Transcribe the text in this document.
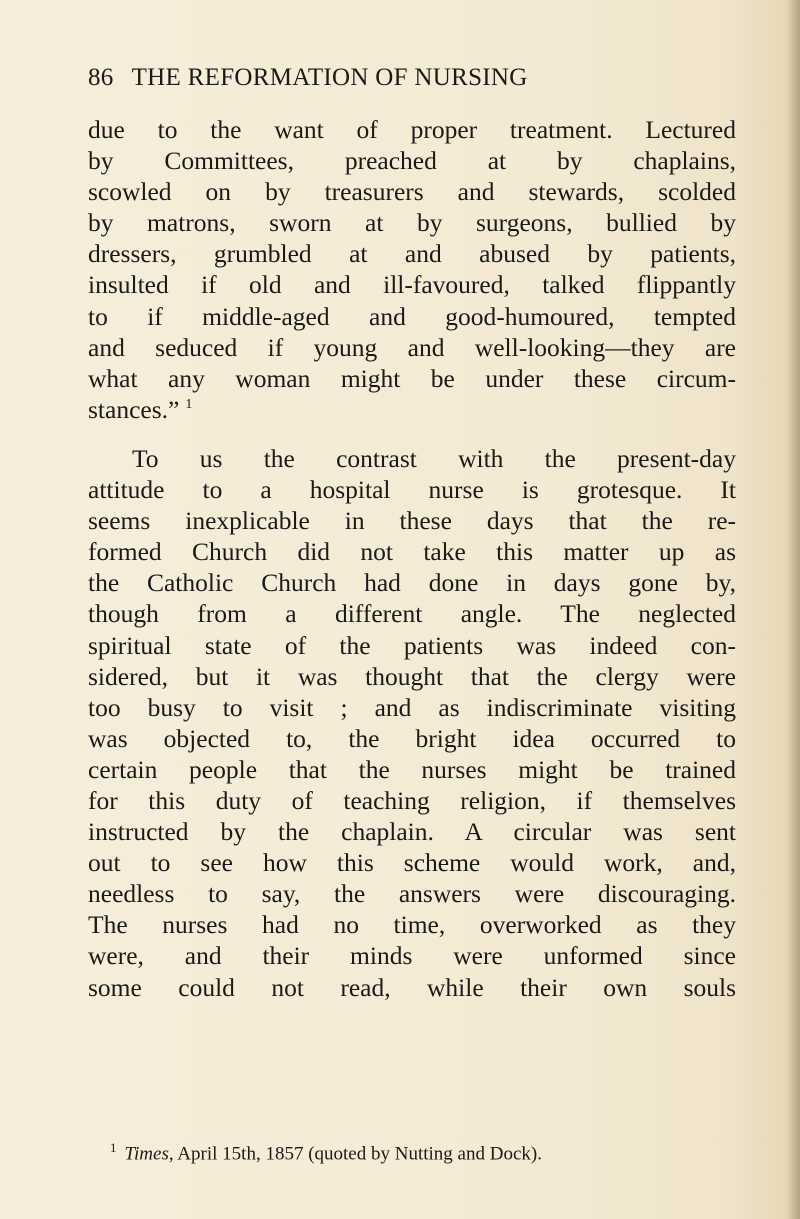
86 THE REFORMATION OF NURSING
due to the want of proper treatment. Lectured
by Committees, preached at by chaplains,
scowled on by treasurers and stewards, scolded
by matrons, sworn at by surgeons, bullied by
dressers, grumbled at and abused by patients,
insulted if old and ill-favoured, talked flippantly
to if middle-aged and good-humoured, tempted
and seduced if young and well-looking—they are
what any woman might be under these circum-
stances.” $^1$
To us the contrast with the present-day
attitude to a hospital nurse is grotesque. It
seems inexplicable in these days that the re-
formed Church did not take this matter up as
the Catholic Church had done in days gone by,
though from a different angle. The neglected
spiritual state of the patients was indeed con-
sidered, but it was thought that the clergy were
too busy to visit ; and as indiscriminate visiting
was objected to, the bright idea occurred to
certain people that the nurses might be trained
for this duty of teaching religion, if themselves
instructed by the chaplain. A circular was sent
out to see how this scheme would work, and,
needless to say, the answers were discouraging.
The nurses had no time, overworked as they
were, and their minds were unformed since
some could not read, while their own souls
$^1$ Times, April 15th, 1857 (quoted by Nutting and Dock).
